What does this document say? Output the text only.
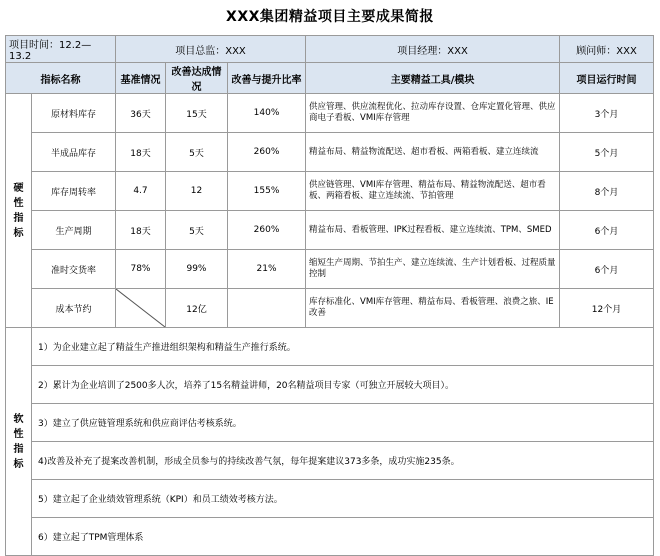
XXX集团精益项目主要成果简报
项目时间：12.2—13.2		项目总监：XXX			项目经理：XXX	顾问师：XXX
指标名称		基准情况	改善达成情况	改善与提升比率	主要精益工具/模块	项目运行时间
硬性指标	原材料库存	36天	15天	140%	供应管理、供应流程优化、拉动库存设置、仓库定置化管理、供应商电子看板、VMI库存管理	3个月
	半成品库存	18天	5天	260%	精益布局、精益物流配送、超市看板、两箱看板、建立连续流	5个月
	库存周转率	4.7	12	155%	供应链管理、VMI库存管理、精益布局、精益物流配送、超市看板、两箱看板、建立连续流、节拍管理	8个月
	生产周期	18天	5天	260%	精益布局、看板管理、IPK过程看板、建立连续流、TPM、SMED	6个月
	准时交货率	78%	99%	21%	缩短生产周期、节拍生产、建立连续流、生产计划看板、过程质量控制	6个月
	成本节约		12亿		库存标准化、VMI库存管理、精益布局、看板管理、浪费之旅、IE改善	12个月
软性指标	1）为企业建立起了精益生产推进组织架构和精益生产推行系统。					
	2）累计为企业培训了2500多人次，培养了15名精益讲师，20名精益项目专家（可独立开展较大项目）。					
	3）建立了供应链管理系统和供应商评估考核系统。					
	4)改善及补充了提案改善机制，形成全员参与的持续改善气氛，每年提案建议373多条，成功实施235条。					
	5）建立起了企业绩效管理系统（KPI）和员工绩效考核方法。					
	6）建立起了TPM管理体系					
